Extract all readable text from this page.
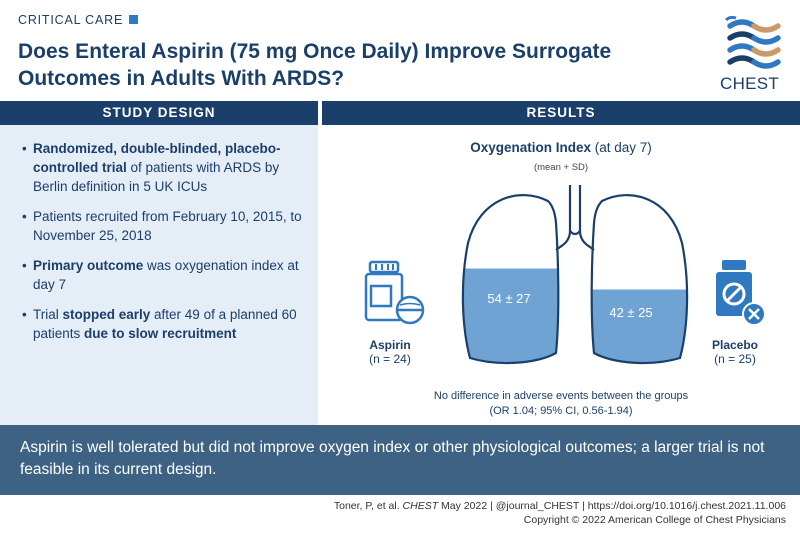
CRITICAL CARE
Does Enteral Aspirin (75 mg Once Daily) Improve Surrogate Outcomes in Adults With ARDS?	CHEST
STUDY DESIGN	RESULTS
• Randomized, double-blinded, placebo-controlled trial of patients with ARDS by Berlin definition in 5 UK ICUs
• Patients recruited from February 10, 2015, to November 25, 2018
• Primary outcome was oxygenation index at day 7
• Trial stopped early after 49 of a planned 60 patients due to slow recruitment
Oxygenation Index (at day 7)
(mean + SD)
54 ± 27
42 ± 25
Aspirin
(n = 24)
Placebo
(n = 25)
No difference in adverse events between the groups
(OR 1.04; 95% CI, 0.56-1.94)
Aspirin is well tolerated but did not improve oxygen index or other physiological outcomes; a larger trial is not feasible in its current design.
Toner, P, et al. CHEST May 2022 | @journal_CHEST | https://doi.org/10.1016/j.chest.2021.11.006
Copyright © 2022 American College of Chest Physicians
